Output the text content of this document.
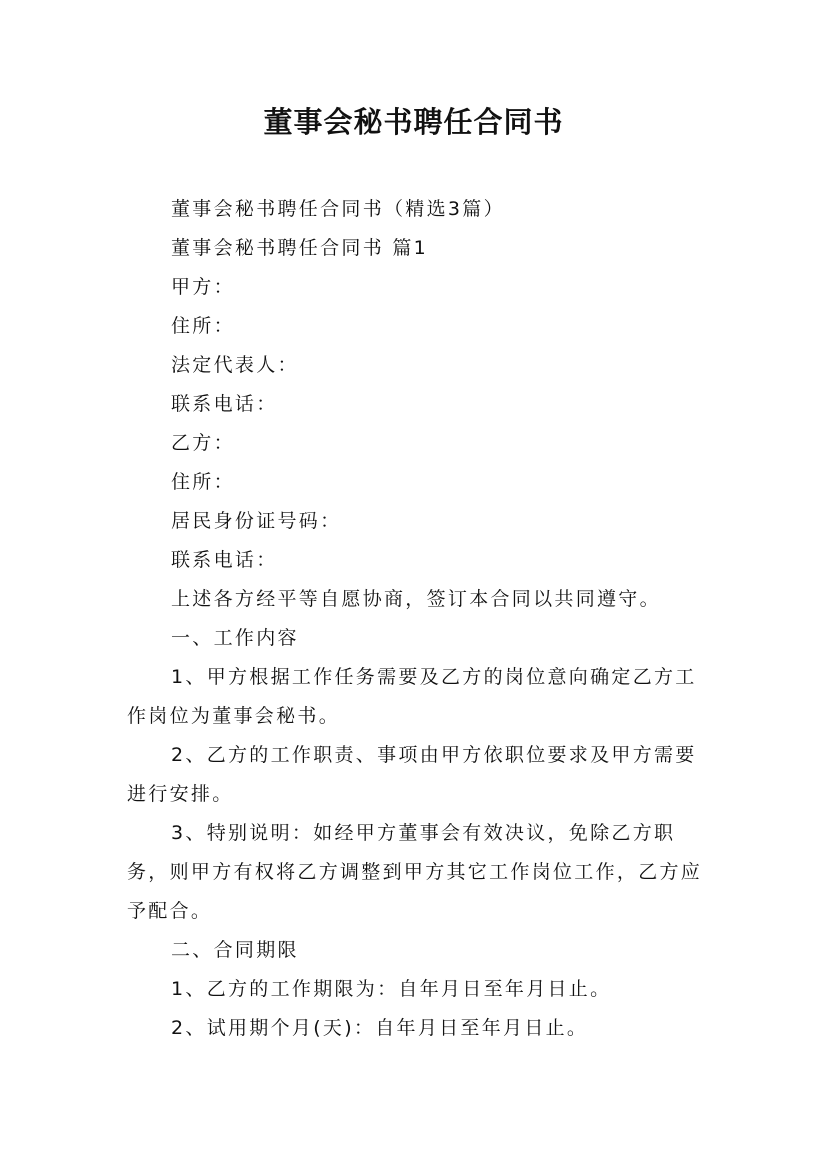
董事会秘书聘任合同书

董事会秘书聘任合同书（精选3篇）

董事会秘书聘任合同书 篇1

甲方：

住所：

法定代表人：

联系电话：

乙方：

住所：

居民身份证号码：

联系电话：

上述各方经平等自愿协商，签订本合同以共同遵守。

一、工作内容

1、甲方根据工作任务需要及乙方的岗位意向确定乙方工作岗位为董事会秘书。

2、乙方的工作职责、事项由甲方依职位要求及甲方需要进行安排。

3、特别说明：如经甲方董事会有效决议，免除乙方职务，则甲方有权将乙方调整到甲方其它工作岗位工作，乙方应予配合。

二、合同期限

1、乙方的工作期限为：自年月日至年月日止。

2、试用期个月(天)：自年月日至年月日止。
